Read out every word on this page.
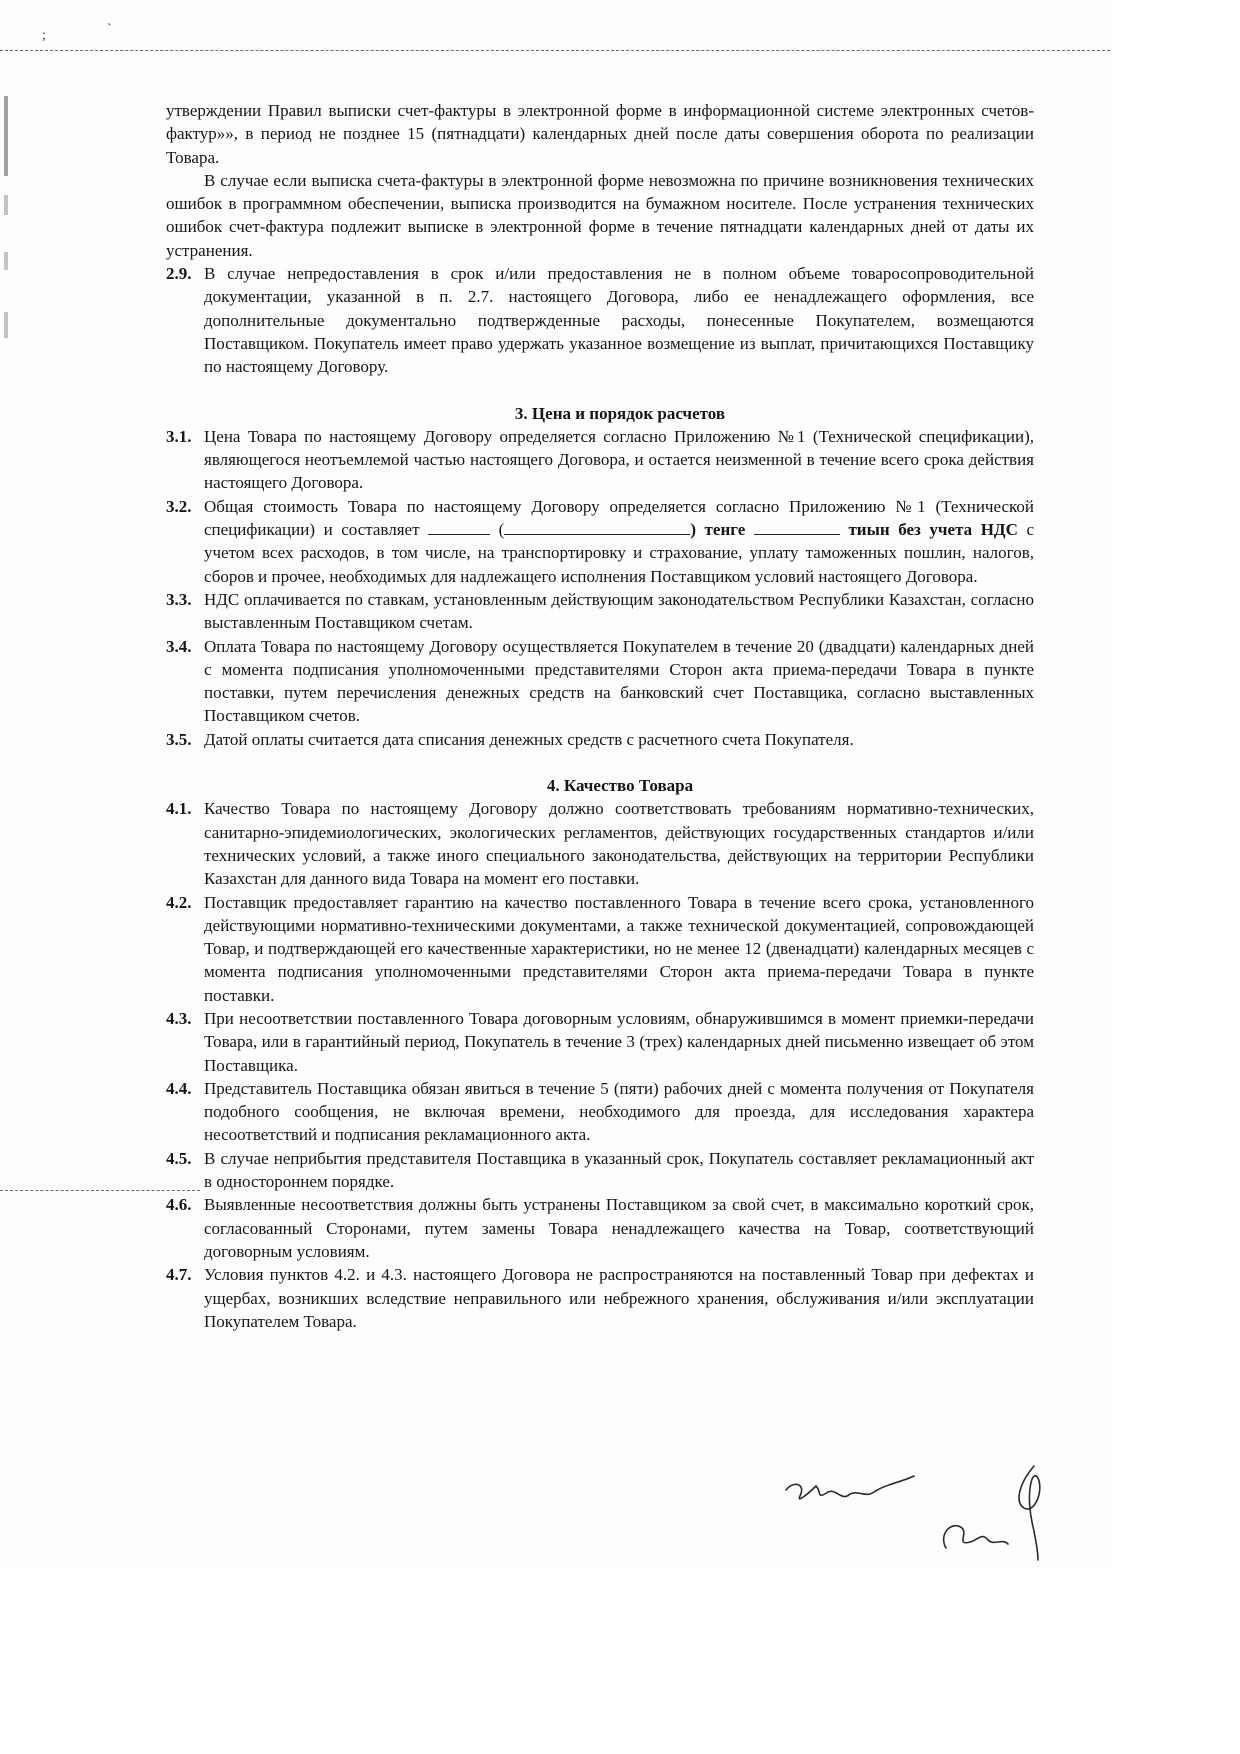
;	`

утверждении Правил выписки счет-фактуры в электронной форме в информационной системе электронных счетов-фактур»», в период не позднее 15 (пятнадцати) календарных дней после даты совершения оборота по реализации Товара.

В случае если выписка счета-фактуры в электронной форме невозможна по причине возникновения технических ошибок в программном обеспечении, выписка производится на бумажном носителе. После устранения технических ошибок счет-фактура подлежит выписке в электронной форме в течение пятнадцати календарных дней от даты их устранения.

2.9. В случае непредоставления в срок и/или предоставления не в полном объеме товаросопроводительной документации, указанной в п. 2.7. настоящего Договора, либо ее ненадлежащего оформления, все дополнительные документально подтвержденные расходы, понесенные Покупателем, возмещаются Поставщиком. Покупатель имеет право удержать указанное возмещение из выплат, причитающихся Поставщику по настоящему Договору.

3. Цена и порядок расчетов

3.1. Цена Товара по настоящему Договору определяется согласно Приложению №1 (Технической спецификации), являющегося неотъемлемой частью настоящего Договора, и остается неизменной в течение всего срока действия настоящего Договора.
3.2. Общая стоимость Товара по настоящему Договору определяется согласно Приложению №1 (Технической спецификации) и составляет	(	) тенге	тиын без учета НДС с учетом всех расходов, в том числе, на транспортировку и страхование, уплату таможенных пошлин, налогов, сборов и прочее, необходимых для надлежащего исполнения Поставщиком условий настоящего Договора.
3.3. НДС оплачивается по ставкам, установленным действующим законодательством Республики Казахстан, согласно выставленным Поставщиком счетам.
3.4. Оплата Товара по настоящему Договору осуществляется Покупателем в течение 20 (двадцати) календарных дней с момента подписания уполномоченными представителями Сторон акта приема-передачи Товара в пункте поставки, путем перечисления денежных средств на банковский счет Поставщика, согласно выставленных Поставщиком счетов.
3.5. Датой оплаты считается дата списания денежных средств с расчетного счета Покупателя.

4. Качество Товара

4.1. Качество Товара по настоящему Договору должно соответствовать требованиям нормативно-технических, санитарно-эпидемиологических, экологических регламентов, действующих государственных стандартов и/или технических условий, а также иного специального законодательства, действующих на территории Республики Казахстан для данного вида Товара на момент его поставки.
4.2. Поставщик предоставляет гарантию на качество поставленного Товара в течение всего срока, установленного действующими нормативно-техническими документами, а также технической документацией, сопровождающей Товар, и подтверждающей его качественные характеристики, но не менее 12 (двенадцати) календарных месяцев с момента подписания уполномоченными представителями Сторон акта приема-передачи Товара в пункте поставки.
4.3. При несоответствии поставленного Товара договорным условиям, обнаружившимся в момент приемки-передачи Товара, или в гарантийный период, Покупатель в течение 3 (трех) календарных дней письменно извещает об этом Поставщика.
4.4. Представитель Поставщика обязан явиться в течение 5 (пяти) рабочих дней с момента получения от Покупателя подобного сообщения, не включая времени, необходимого для проезда, для исследования характера несоответствий и подписания рекламационного акта.
4.5. В случае неприбытия представителя Поставщика в указанный срок, Покупатель составляет рекламационный акт в одностороннем порядке.
4.6. Выявленные несоответствия должны быть устранены Поставщиком за свой счет, в максимально короткий срок, согласованный Сторонами, путем замены Товара ненадлежащего качества на Товар, соответствующий договорным условиям.
4.7. Условия пунктов 4.2. и 4.3. настоящего Договора не распространяются на поставленный Товар при дефектах и ущербах, возникших вследствие неправильного или небрежного хранения, обслуживания и/или эксплуатации Покупателем Товара.
